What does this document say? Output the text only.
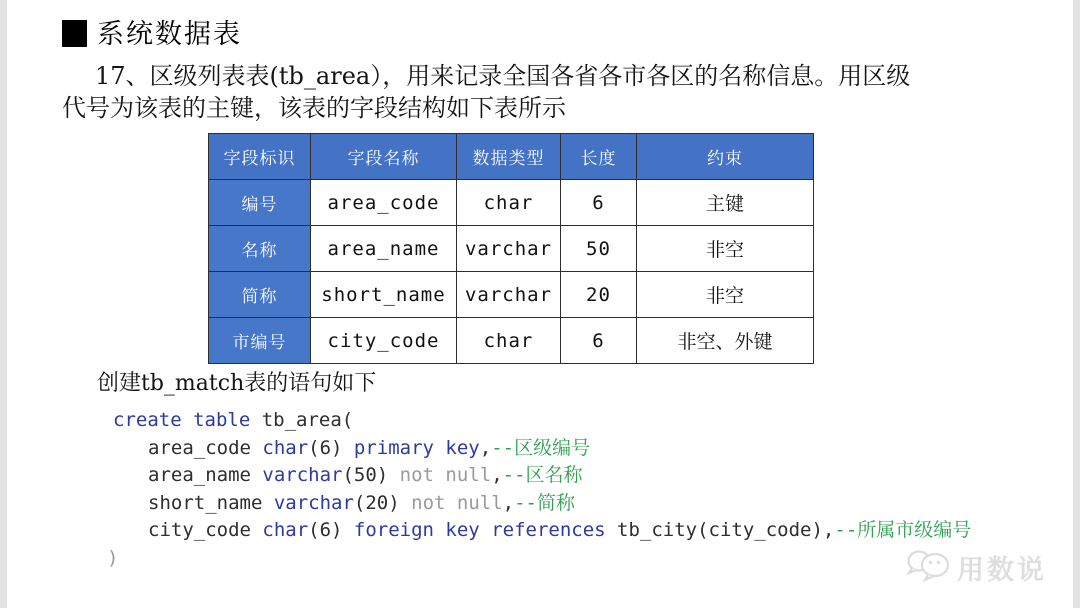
系统数据表
17、区级列表表(tb_area），用来记录全国各省各市各区的名称信息。用区级
代号为该表的主键，该表的字段结构如下表所示
字段标识	字段名称	数据类型	长度	约束
编号	area_code	char	6	主键
名称	area_name	varchar	50	非空
简称	short_name	varchar	20	非空
市编号	city_code	char	6	非空、外键

创建tb_match表的语句如下

create table tb_area(
area_code char(6) primary key,--区级编号
area_name varchar(50) not null,--区名称
short_name varchar(20) not null,--简称
city_code char(6) foreign key references tb_city(city_code),--所属市级编号
)	用数说
